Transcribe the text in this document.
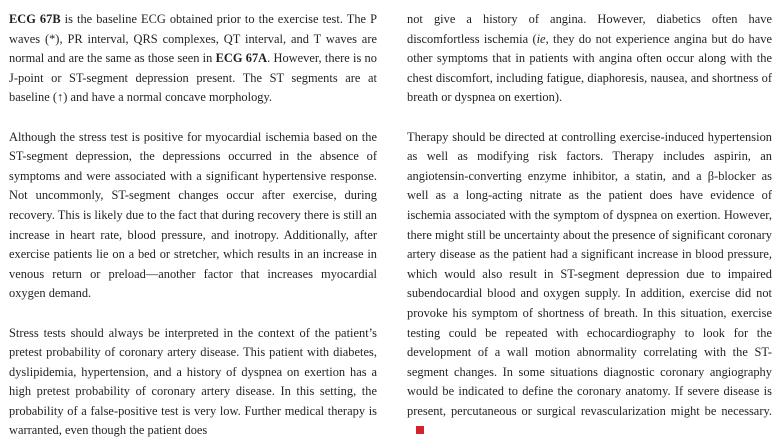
ECG 67B is the baseline ECG obtained prior to the exercise test. The P waves (*), PR interval, QRS complexes, QT interval, and T waves are normal and are the same as those seen in ECG 67A. However, there is no J-point or ST-segment depression present. The ST segments are at baseline (↑) and have a normal concave morphology.

Although the stress test is positive for myocardial ischemia based on the ST-segment depression, the depressions occurred in the absence of symptoms and were associated with a significant hypertensive response. Not uncommonly, ST-segment changes occur after exercise, during recovery. This is likely due to the fact that during recovery there is still an increase in heart rate, blood pressure, and inotropy. Additionally, after exercise patients lie on a bed or stretcher, which results in an increase in venous return or preload—another factor that increases myocardial oxygen demand.

Stress tests should always be interpreted in the context of the patient’s pretest probability of coronary artery disease. This patient with diabetes, dyslipidemia, hypertension, and a history of dyspnea on exertion has a high pretest probability of coronary artery disease. In this setting, the probability of a false-positive test is very low. Further medical therapy is warranted, even though the patient does

not give a history of angina. However, diabetics often have discomfortless ischemia (ie, they do not experience angina but do have other symptoms that in patients with angina often occur along with the chest discomfort, including fatigue, diaphoresis, nausea, and shortness of breath or dyspnea on exertion).

Therapy should be directed at controlling exercise-induced hypertension as well as modifying risk factors. Therapy includes aspirin, an angiotensin-converting enzyme inhibitor, a statin, and a β-blocker as well as a long-acting nitrate as the patient does have evidence of ischemia associated with the symptom of dyspnea on exertion. However, there might still be uncertainty about the presence of significant coronary artery disease as the patient had a significant increase in blood pressure, which would also result in ST-segment depression due to impaired subendocardial blood and oxygen supply. In addition, exercise did not provoke his symptom of shortness of breath. In this situation, exercise testing could be repeated with echocardiography to look for the development of a wall motion abnormality correlating with the ST-segment changes. In some situations diagnostic coronary angiography would be indicated to define the coronary anatomy. If severe disease is present, percutaneous or surgical revascularization might be necessary.
